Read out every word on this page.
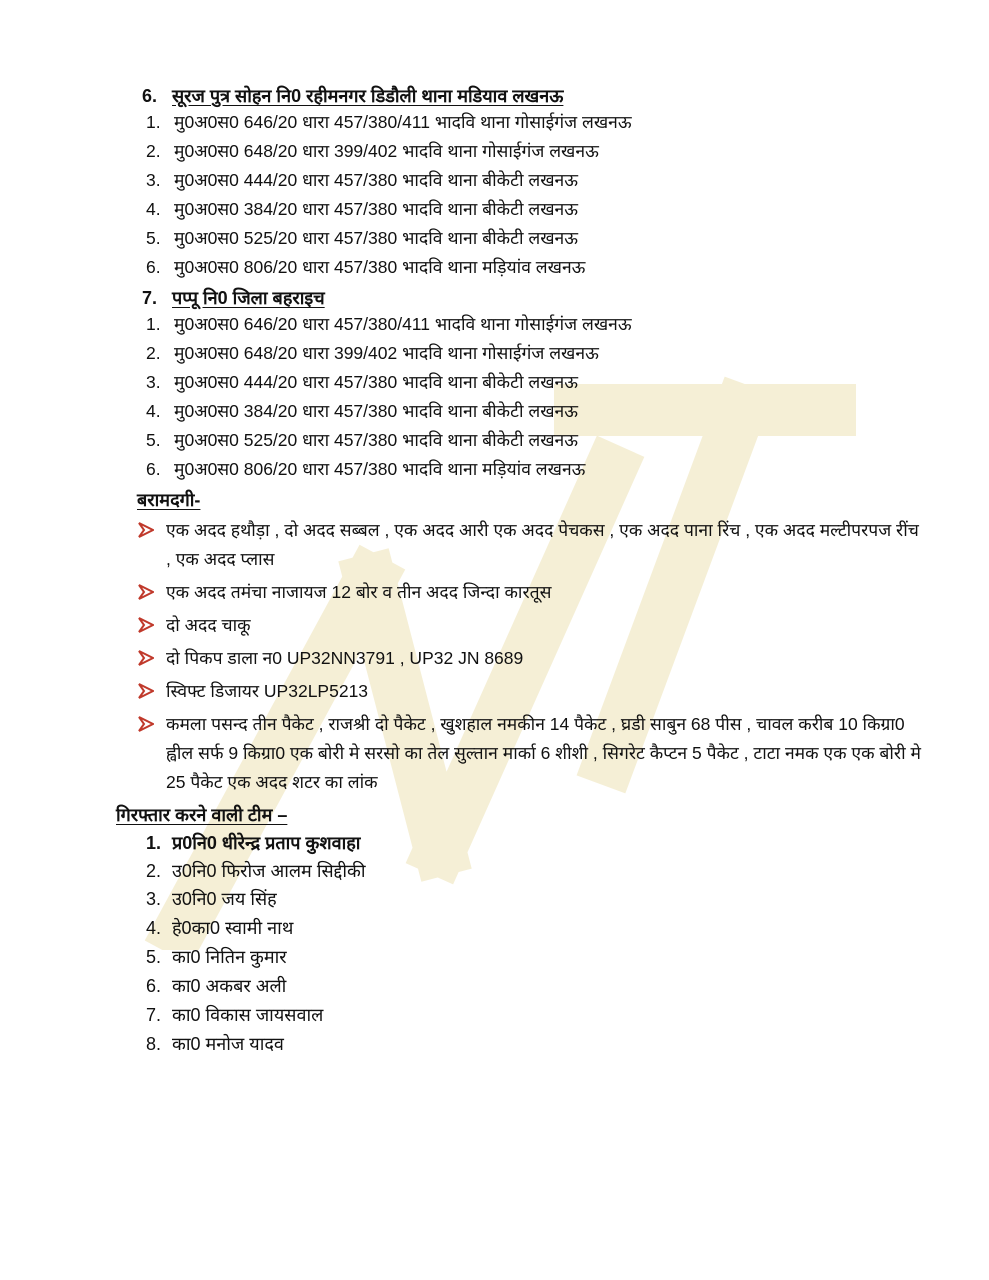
6. सूरज पुत्र सोहन नि0 रहीमनगर डिडौली थाना मडियाव लखनऊ
1. मु0अ0स0 646/20 धारा 457/380/411 भादवि थाना गोसाईगंज लखनऊ
2. मु0अ0स0 648/20 धारा 399/402 भादवि थाना गोसाईगंज लखनऊ
3. मु0अ0स0 444/20 धारा 457/380 भादवि थाना बीकेटी लखनऊ
4. मु0अ0स0 384/20 धारा 457/380 भादवि थाना बीकेटी लखनऊ
5. मु0अ0स0 525/20 धारा 457/380 भादवि थाना बीकेटी लखनऊ
6. मु0अ0स0 806/20 धारा 457/380 भादवि थाना मड़ियांव लखनऊ
7. पप्पू नि0 जिला बहराइच
1. मु0अ0स0 646/20 धारा 457/380/411 भादवि थाना गोसाईगंज लखनऊ
2. मु0अ0स0 648/20 धारा 399/402 भादवि थाना गोसाईगंज लखनऊ
3. मु0अ0स0 444/20 धारा 457/380 भादवि थाना बीकेटी लखनऊ
4. मु0अ0स0 384/20 धारा 457/380 भादवि थाना बीकेटी लखनऊ
5. मु0अ0स0 525/20 धारा 457/380 भादवि थाना बीकेटी लखनऊ
6. मु0अ0स0 806/20 धारा 457/380 भादवि थाना मड़ियांव लखनऊ
बरामदगी-
एक अदद हथौड़ा , दो अदद सब्बल , एक अदद आरी एक अदद पेचकस , एक अदद पाना रिंच , एक अदद मल्टीपरपज रींच , एक अदद प्लास
एक अदद तमंचा नाजायज 12 बोर व तीन अदद जिन्दा कारतूस
दो अदद चाकू
दो पिकप डाला न0 UP32NN3791 , UP32 JN 8689
स्विफ्ट डिजायर UP32LP5213
कमला पसन्द तीन पैकेट , राजश्री दो पैकेट , खुशहाल नमकीन 14 पैकेट , घ्रडी साबुन 68 पीस , चावल करीब 10 किग्रा0 ह्वील सर्फ 9 किग्रा0 एक बोरी मे सरसो का तेल सुल्तान मार्का 6 शीशी , सिगरेट कैप्टन 5 पैकेट , टाटा नमक एक एक बोरी मे 25 पैकेट एक अदद शटर का लांक
गिरफ्तार करने वाली टीम –
1. प्र0नि0 धीरेन्द्र प्रताप कुशवाहा
2. उ0नि0 फिरोज आलम सिद्दीकी
3. उ0नि0 जय सिंह
4. हे0का0 स्वामी नाथ
5. का0 नितिन कुमार
6. का0 अकबर अली
7. का0 विकास जायसवाल
8. का0 मनोज यादव
